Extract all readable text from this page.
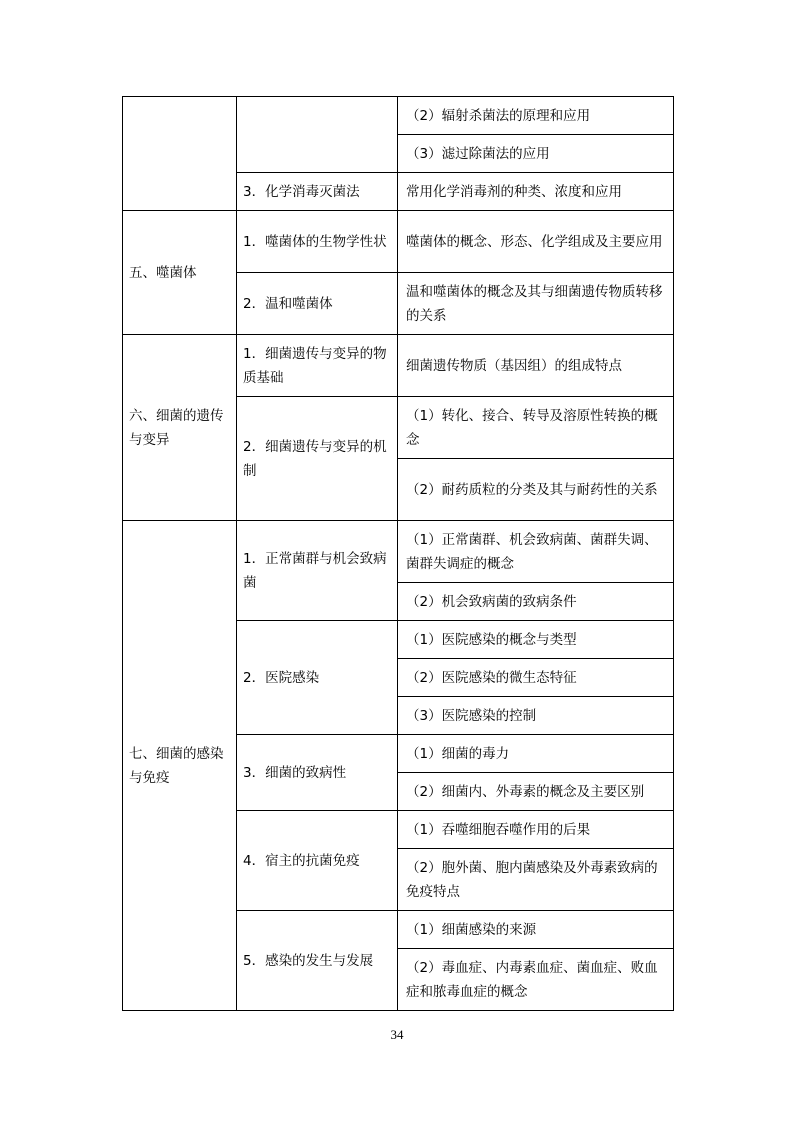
		（2）辐射杀菌法的原理和应用
		（3）滤过除菌法的应用
	3．化学消毒灭菌法	常用化学消毒剂的种类、浓度和应用
五、噬菌体	1．噬菌体的生物学性状	噬菌体的概念、形态、化学组成及主要应用
	2．温和噬菌体	温和噬菌体的概念及其与细菌遗传物质转移的关系
六、细菌的遗传与变异	1．细菌遗传与变异的物质基础	细菌遗传物质（基因组）的组成特点
	2．细菌遗传与变异的机制	（1）转化、接合、转导及溶原性转换的概念
		（2）耐药质粒的分类及其与耐药性的关系
七、细菌的感染与免疫	1．正常菌群与机会致病菌	（1）正常菌群、机会致病菌、菌群失调、菌群失调症的概念
		（2）机会致病菌的致病条件
	2．医院感染	（1）医院感染的概念与类型
		（2）医院感染的微生态特征
		（3）医院感染的控制
	3．细菌的致病性	（1）细菌的毒力
		（2）细菌内、外毒素的概念及主要区别
	4．宿主的抗菌免疫	（1）吞噬细胞吞噬作用的后果
		（2）胞外菌、胞内菌感染及外毒素致病的免疫特点
	5．感染的发生与发展	（1）细菌感染的来源
		（2）毒血症、内毒素血症、菌血症、败血症和脓毒血症的概念
34
